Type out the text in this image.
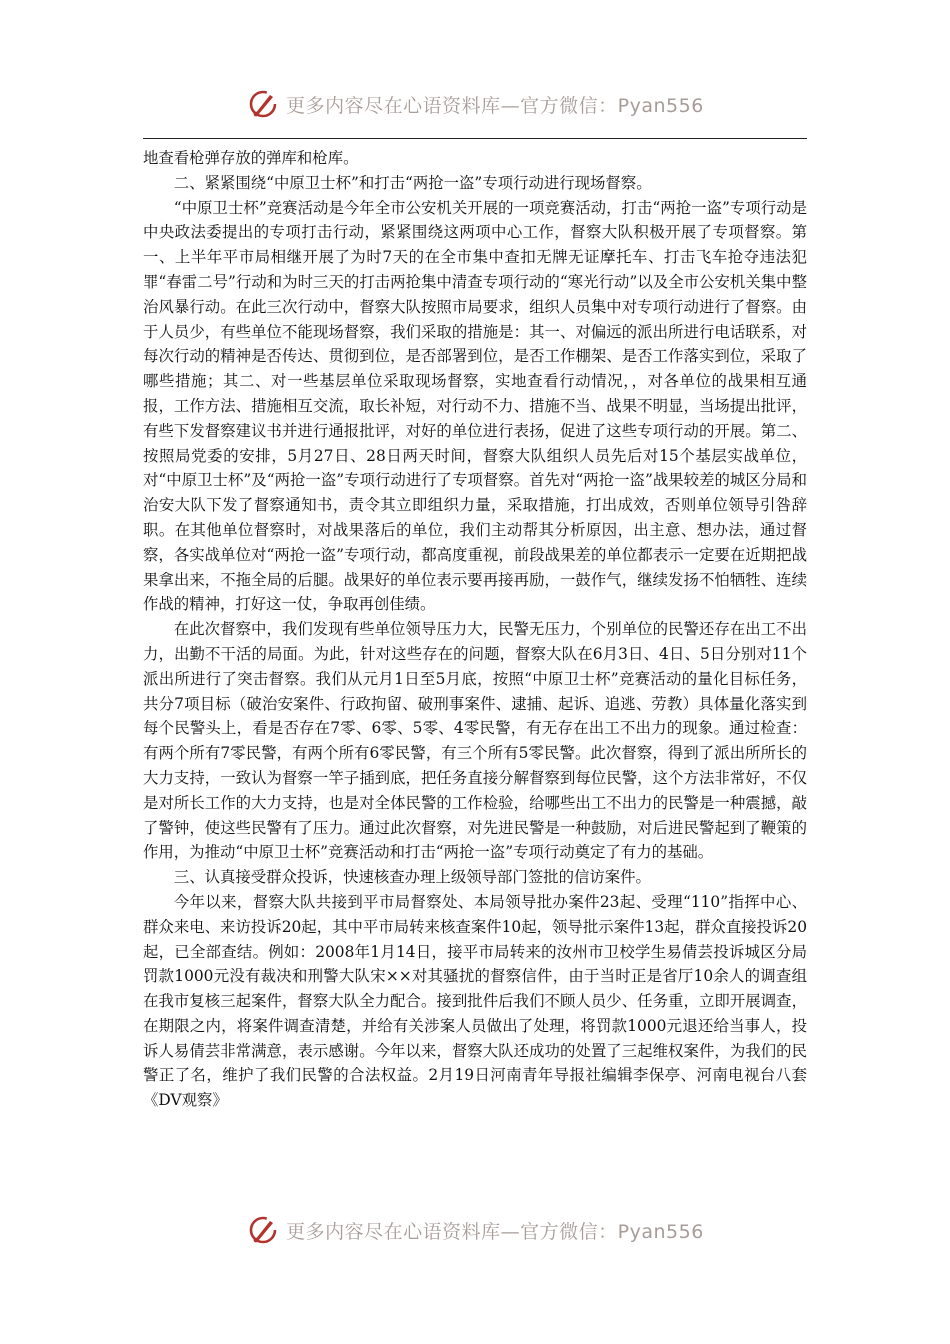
更多内容尽在心语资料库—官方微信：Pyan556

地查看枪弹存放的弹库和枪库。

二、紧紧围绕“中原卫士杯”和打击“两抢一盗”专项行动进行现场督察。

“中原卫士杯”竞赛活动是今年全市公安机关开展的一项竞赛活动，打击“两抢一盗”专项行动是中央政法委提出的专项打击行动，紧紧围绕这两项中心工作，督察大队积极开展了专项督察。第一、上半年平市局相继开展了为时7天的在全市集中查扣无牌无证摩托车、打击飞车抢夺违法犯罪“春雷二号”行动和为时三天的打击两抢集中清查专项行动的“寒光行动”以及全市公安机关集中整治风暴行动。在此三次行动中，督察大队按照市局要求，组织人员集中对专项行动进行了督察。由于人员少，有些单位不能现场督察，我们采取的措施是：其一、对偏远的派出所进行电话联系，对每次行动的精神是否传达、贯彻到位，是否部署到位，是否工作棚架、是否工作落实到位，采取了哪些措施；其二、对一些基层单位采取现场督察，实地查看行动情况，，对各单位的战果相互通报，工作方法、措施相互交流，取长补短，对行动不力、措施不当、战果不明显，当场提出批评，有些下发督察建议书并进行通报批评，对好的单位进行表扬，促进了这些专项行动的开展。第二、按照局党委的安排，5月27日、28日两天时间，督察大队组织人员先后对15个基层实战单位，对“中原卫士杯”及“两抢一盗”专项行动进行了专项督察。首先对“两抢一盗”战果较差的城区分局和治安大队下发了督察通知书，责令其立即组织力量，采取措施，打出成效，否则单位领导引咎辞职。在其他单位督察时，对战果落后的单位，我们主动帮其分析原因，出主意、想办法，通过督察，各实战单位对“两抢一盗”专项行动，都高度重视，前段战果差的单位都表示一定要在近期把战果拿出来，不拖全局的后腿。战果好的单位表示要再接再励，一鼓作气，继续发扬不怕牺牲、连续作战的精神，打好这一仗，争取再创佳绩。

在此次督察中，我们发现有些单位领导压力大，民警无压力，个别单位的民警还存在出工不出力，出勤不干活的局面。为此，针对这些存在的问题，督察大队在6月3日、4日、5日分别对11个派出所进行了突击督察。我们从元月1日至5月底，按照“中原卫士杯”竞赛活动的量化目标任务，共分7项目标（破治安案件、行政拘留、破刑事案件、逮捕、起诉、追逃、劳教）具体量化落实到每个民警头上，看是否存在7零、6零、5零、4零民警，有无存在出工不出力的现象。通过检查：有两个所有7零民警，有两个所有6零民警，有三个所有5零民警。此次督察，得到了派出所所长的大力支持，一致认为督察一竿子插到底，把任务直接分解督察到每位民警，这个方法非常好，不仅是对所长工作的大力支持，也是对全体民警的工作检验，给哪些出工不出力的民警是一种震撼，敲了警钟，使这些民警有了压力。通过此次督察，对先进民警是一种鼓励，对后进民警起到了鞭策的作用，为推动“中原卫士杯”竞赛活动和打击“两抢一盗”专项行动奠定了有力的基础。

三、认真接受群众投诉，快速核查办理上级领导部门签批的信访案件。

今年以来，督察大队共接到平市局督察处、本局领导批办案件23起、受理“110”指挥中心、群众来电、来访投诉20起，其中平市局转来核查案件10起，领导批示案件13起，群众直接投诉20起，已全部查结。例如：2008年1月14日，接平市局转来的汝州市卫校学生易倩芸投诉城区分局罚款1000元没有裁决和刑警大队宋××对其骚扰的督察信件，由于当时正是省厅10余人的调查组在我市复核三起案件，督察大队全力配合。接到批件后我们不顾人员少、任务重，立即开展调查，在期限之内，将案件调查清楚，并给有关涉案人员做出了处理，将罚款1000元退还给当事人，投诉人易倩芸非常满意，表示感谢。今年以来，督察大队还成功的处置了三起维权案件，为我们的民警正了名，维护了我们民警的合法权益。2月19日河南青年导报社编辑李保亭、河南电视台八套《DV观察》

更多内容尽在心语资料库—官方微信：Pyan556
